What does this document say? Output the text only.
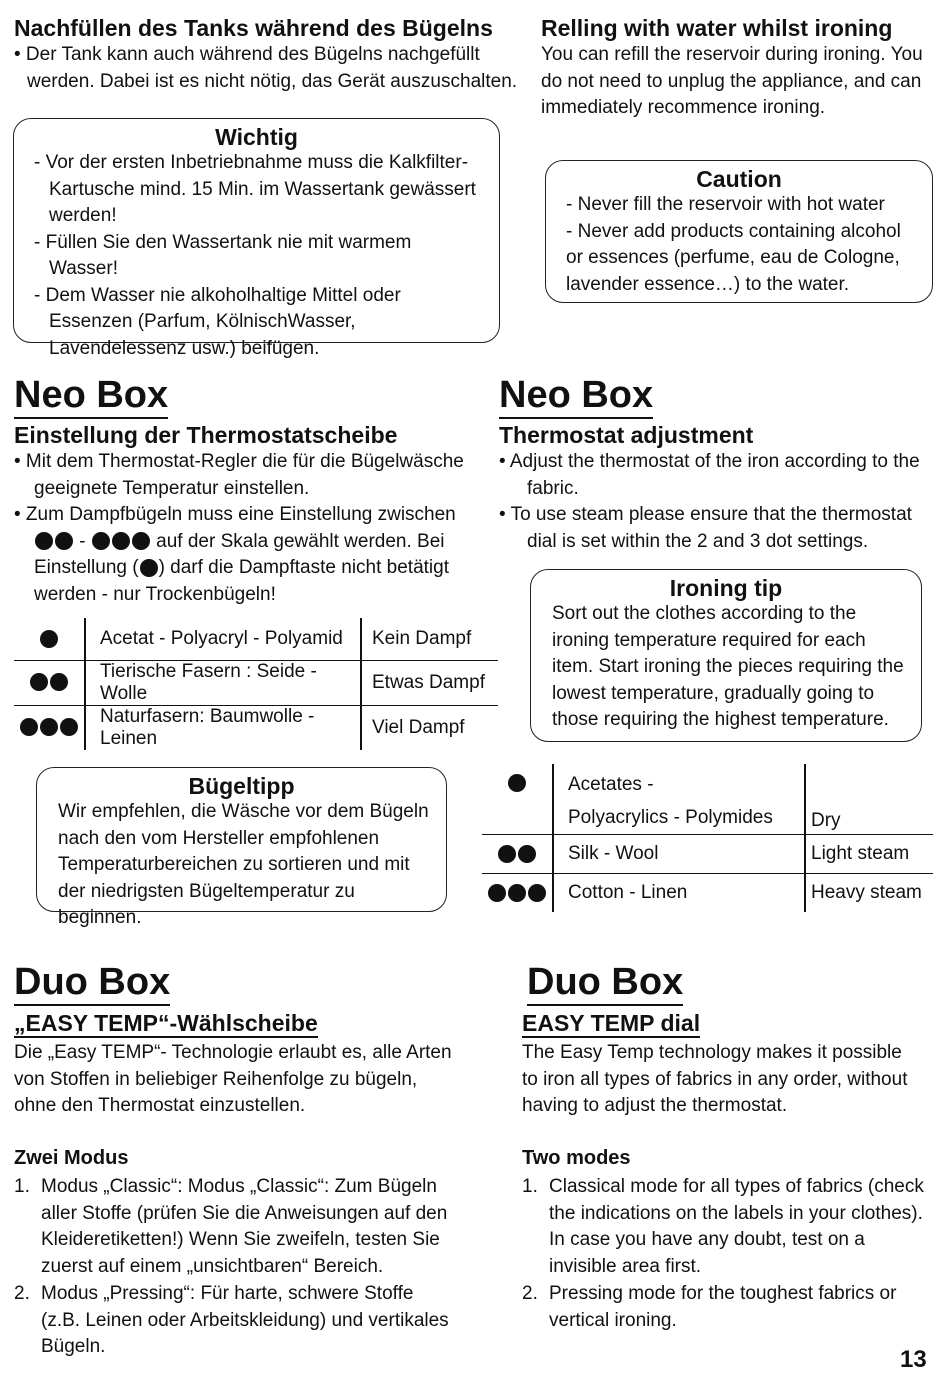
Nachfüllen des Tanks während des Bügelns
• Der Tank kann auch während des Bügelns nachgefüllt werden. Dabei ist es nicht nötig, das Gerät auszuschalten.
Relling with water whilst ironing
You can refill the reservoir during ironing. You do not need to unplug the appliance, and can immediately recommence ironing.
Wichtig
- Vor der ersten Inbetriebnahme muss die Kalkfilter-Kartusche mind. 15 Min. im Wassertank gewässert werden!
- Füllen Sie den Wassertank nie mit warmem Wasser!
- Dem Wasser nie alkoholhaltige Mittel oder Essenzen (Parfum, KölnischWasser, Lavendelessenz usw.) beifügen.
Caution
- Never fill the reservoir with hot water
- Never add products containing alcohol or essences (perfume, eau de Cologne, lavender essence…) to the water.
Neo Box
Einstellung der Thermostatscheibe
• Mit dem Thermostat-Regler die für die Bügelwäsche geeignete Temperatur einstellen.
• Zum Dampfbügeln muss eine Einstellung zwischen
-	auf der Skala gewählt werden. Bei Einstellung ( ) darf die Dampftaste nicht betätigt werden - nur Trockenbügeln!
	Acetat - Polyacryl - Polyamid	Kein Dampf
	Tierische Fasern : Seide - Wolle	Etwas Dampf
	Naturfasern: Baumwolle - Leinen	Viel Dampf
Neo Box
Thermostat adjustment
• Adjust the thermostat of the iron according to the fabric.
• To use steam please ensure that the thermostat dial is set within the 2 and 3 dot settings.
Ironing tip
Sort out the clothes according to the ironing temperature required for each item. Start ironing the pieces requiring the lowest temperature, gradually going to those requiring the highest temperature.
	Acetates -
Polyacrylics - Polymides	Dry
	Silk - Wool	Light steam
	Cotton - Linen	Heavy steam
Bügeltipp
Wir empfehlen, die Wäsche vor dem Bügeln nach den vom Hersteller empfohlenen Temperaturbereichen zu sortieren und mit der niedrigsten Bügeltemperatur zu beginnen.
Duo Box
„EASY TEMP“-Wählscheibe
Die „Easy TEMP“- Technologie erlaubt es, alle Arten von Stoffen in beliebiger Reihenfolge zu bügeln, ohne den Thermostat einzustellen.
Zwei Modus
1. Modus „Classic“: Modus „Classic“: Zum Bügeln aller Stoffe (prüfen Sie die Anweisungen auf den Kleideretiketten!) Wenn Sie zweifeln, testen Sie zuerst auf einem „unsichtbaren“ Bereich.
2. Modus „Pressing“: Für harte, schwere Stoffe (z.B. Leinen oder Arbeitskleidung) und vertikales Bügeln.
Duo Box
EASY TEMP dial
The Easy Temp technology makes it possible to iron all types of fabrics in any order, without having to adjust the thermostat.
Two modes
1. Classical mode for all types of fabrics (check the indications on the labels in your clothes). In case you have any doubt, test on a invisible area first.
2. Pressing mode for the toughest fabrics or vertical ironing.
13
